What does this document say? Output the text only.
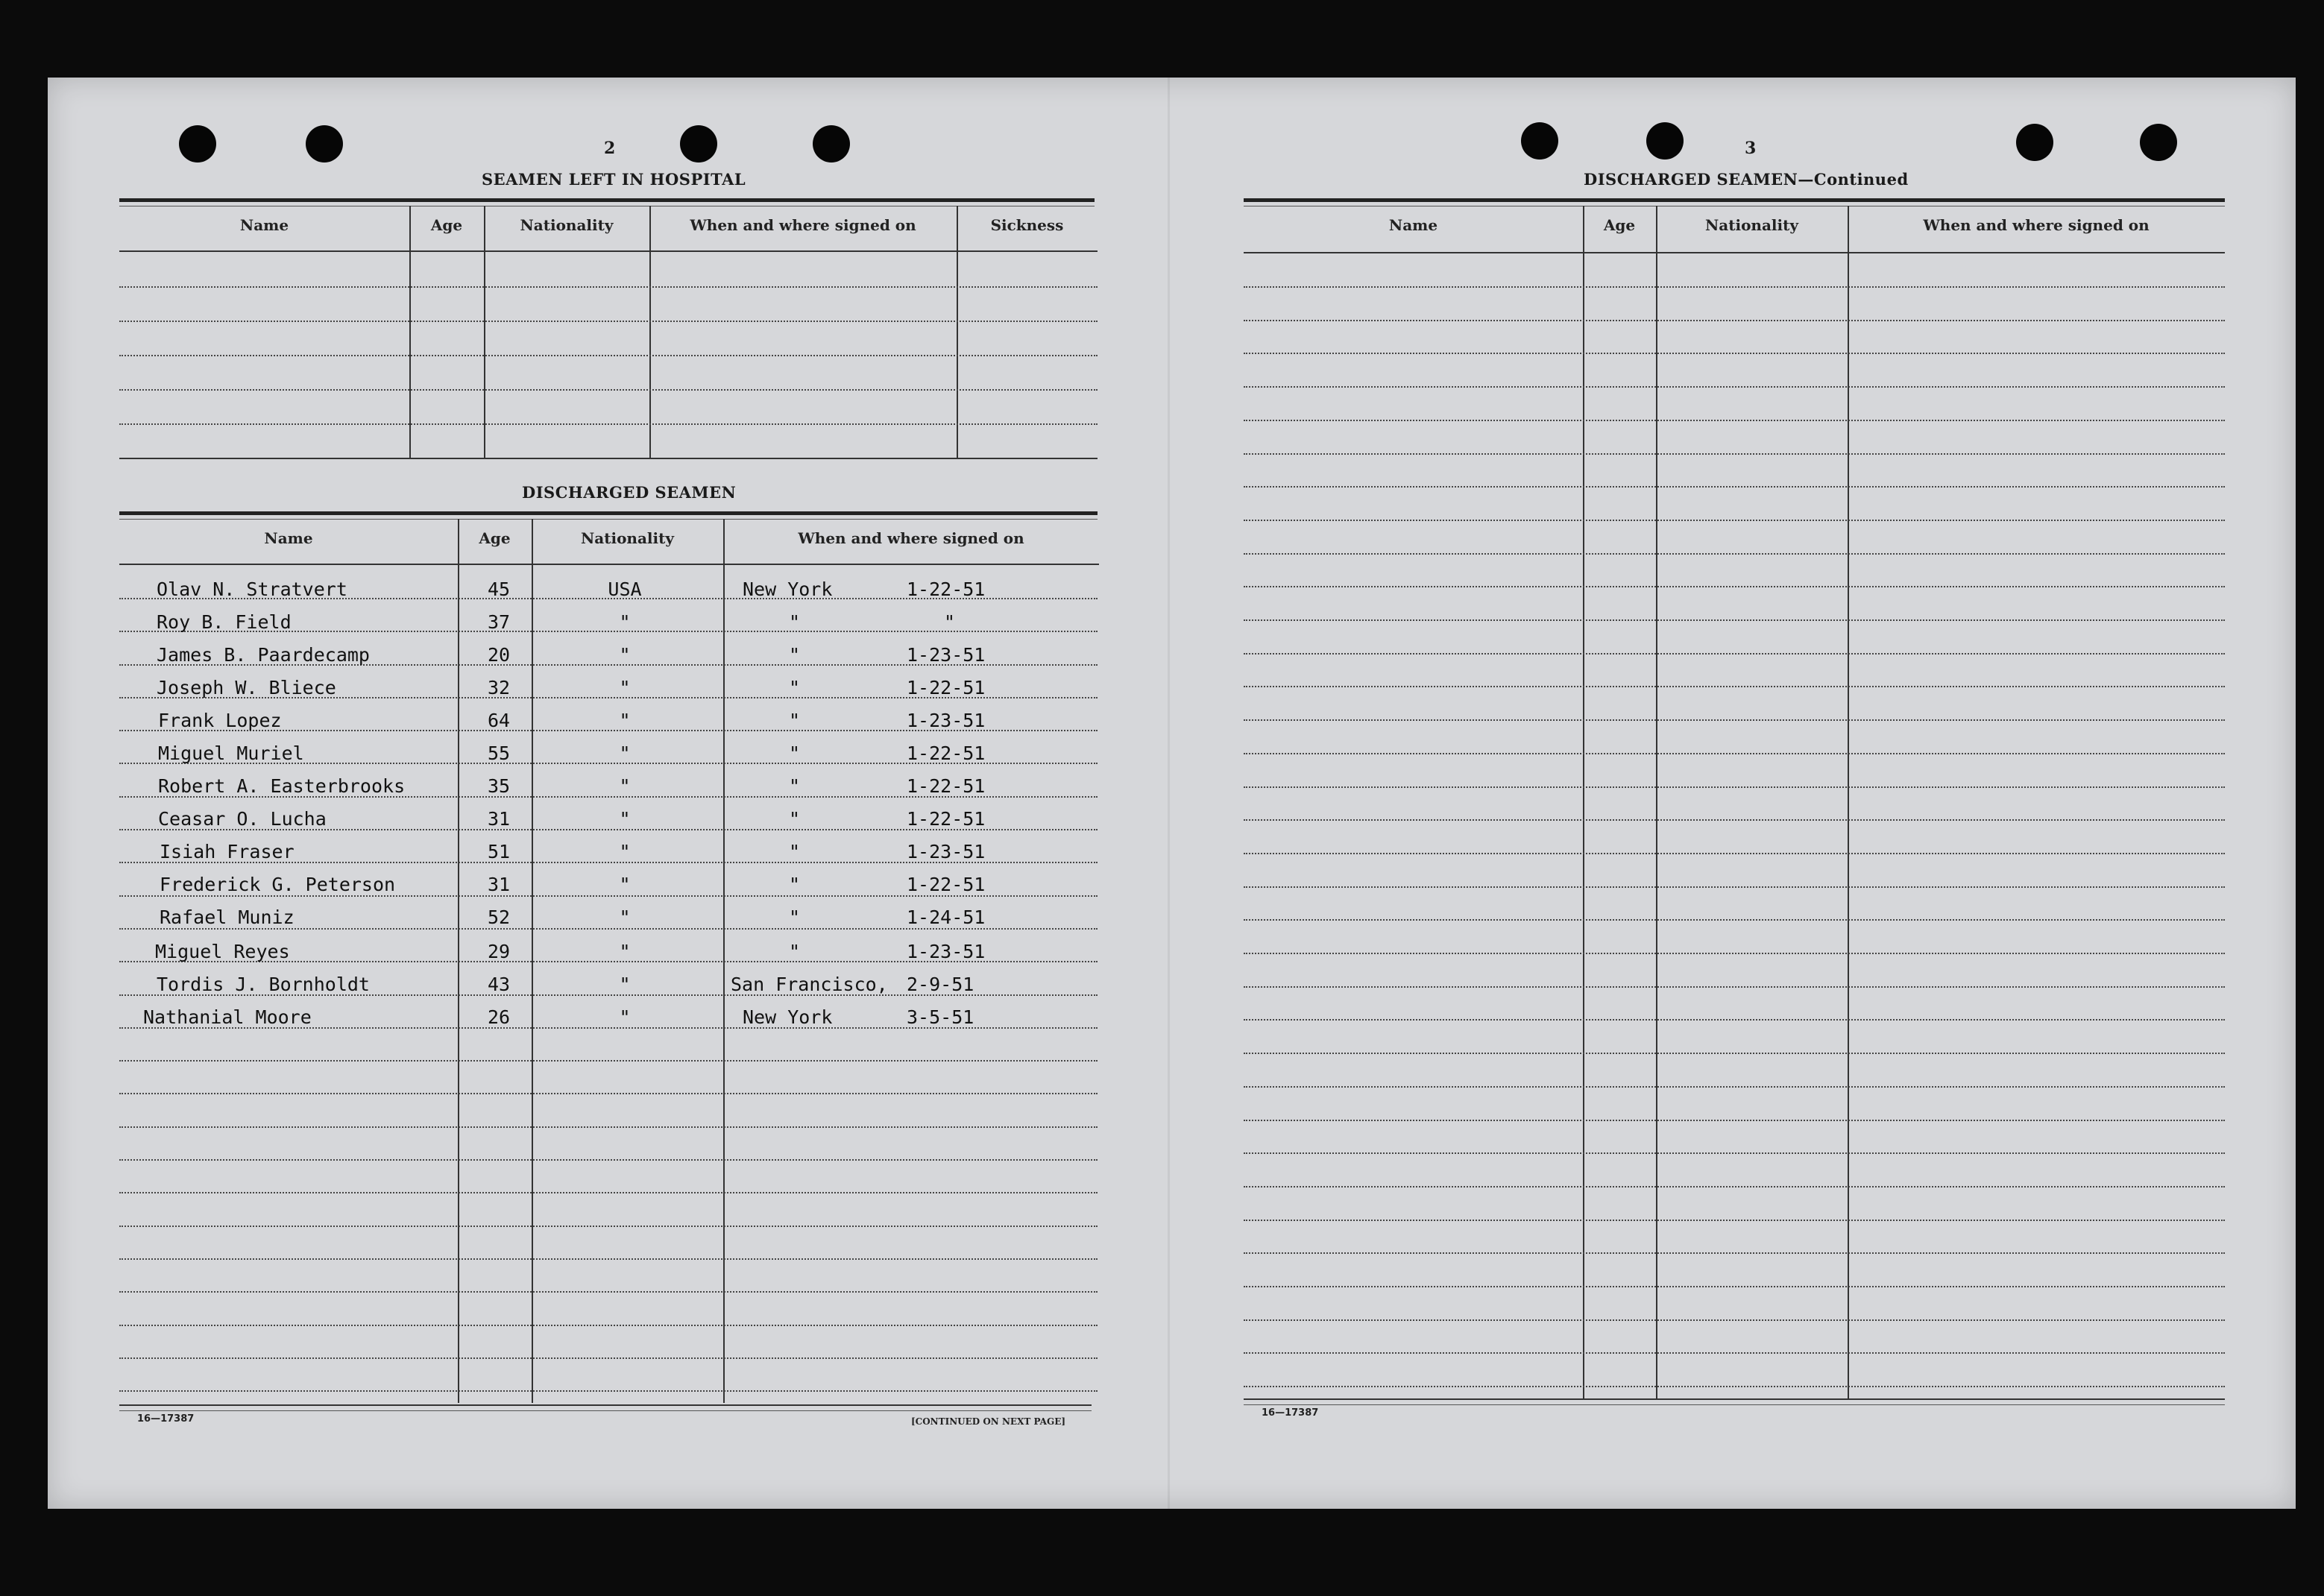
2
SEAMEN LEFT IN HOSPITAL
Name	Age	Nationality	When and where signed on	Sickness
DISCHARGED SEAMEN
Name	Age	Nationality	When and where signed on
Olav N. Stratvert	45	USA	New York	1-22-51
Roy B. Field	37	"	"	"
James B. Paardecamp	20	"	"	1-23-51
Joseph W. Bliece	32	"	"	1-22-51
Frank Lopez	64	"	"	1-23-51
Miguel Muriel	55	"	"	1-22-51
Robert A. Easterbrooks	35	"	"	1-22-51
Ceasar O. Lucha	31	"	"	1-22-51
Isiah Fraser	51	"	"	1-23-51
Frederick G. Peterson	31	"	"	1-22-51
Rafael Muniz	52	"	"	1-24-51
Miguel Reyes	29	"	"	1-23-51
Tordis J. Bornholdt	43	"	San Francisco, 2-9-51
Nathanial Moore	26	"	New York	3-5-51
16—17387	[CONTINUED ON NEXT PAGE]
3
DISCHARGED SEAMEN—Continued
Name	Age	Nationality	When and where signed on
16—17387
